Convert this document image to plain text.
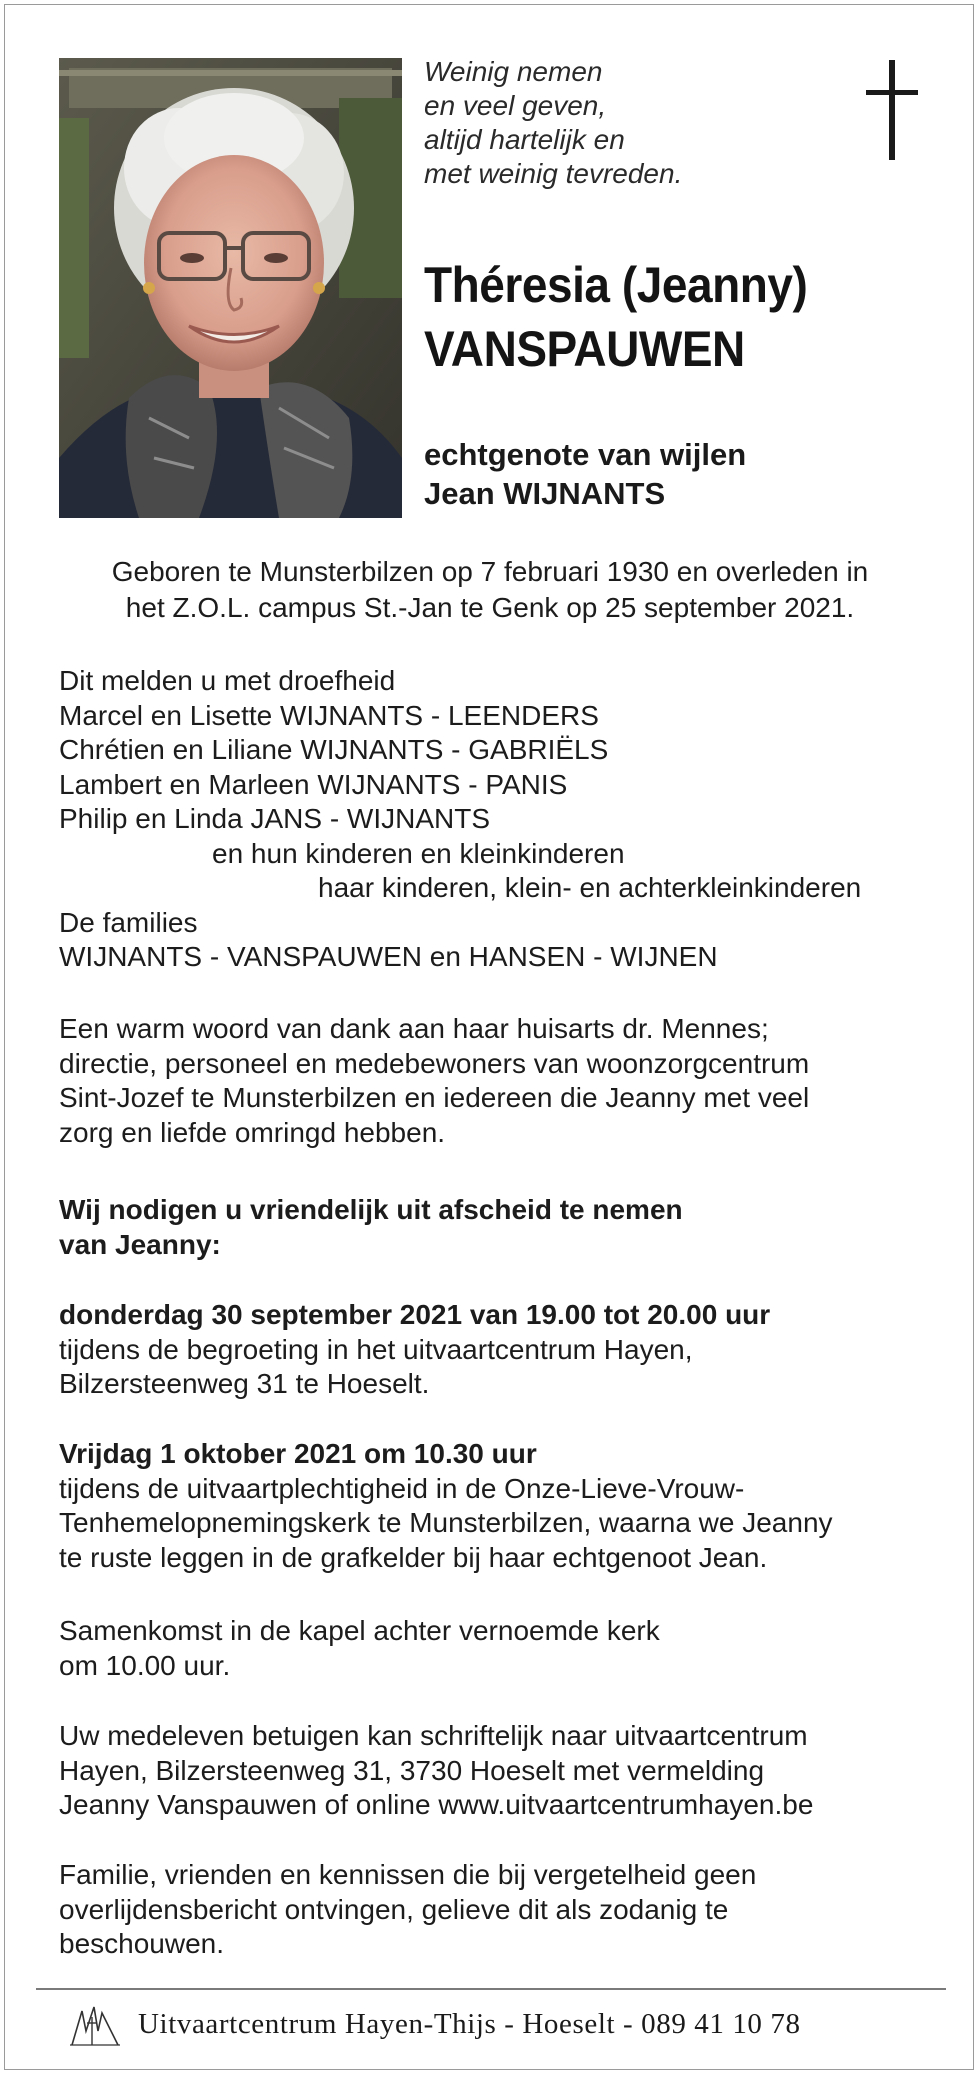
Weinig nemen
en veel geven,
altijd hartelijk en
met weinig tevreden.
Théresia (Jeanny)
VANSPAUWEN
echtgenote van wijlen
Jean WIJNANTS
Geboren te Munsterbilzen op 7 februari 1930 en overleden in
het Z.O.L. campus St.-Jan te Genk op 25 september 2021.
Dit melden u met droefheid
Marcel en Lisette WIJNANTS - LEENDERS
Chrétien en Liliane WIJNANTS - GABRIËLS
Lambert en Marleen WIJNANTS - PANIS
Philip en Linda JANS - WIJNANTS
en hun kinderen en kleinkinderen
haar kinderen, klein- en achterkleinkinderen
De families
WIJNANTS - VANSPAUWEN en HANSEN - WIJNEN
Een warm woord van dank aan haar huisarts dr. Mennes;
directie, personeel en medebewoners van woonzorgcentrum
Sint-Jozef te Munsterbilzen en iedereen die Jeanny met veel
zorg en liefde omringd hebben.
Wij nodigen u vriendelijk uit afscheid te nemen
van Jeanny:
donderdag 30 september 2021 van 19.00 tot 20.00 uur
tijdens de begroeting in het uitvaartcentrum Hayen,
Bilzersteenweg 31 te Hoeselt.
Vrijdag 1 oktober 2021 om 10.30 uur
tijdens de uitvaartplechtigheid in de Onze-Lieve-Vrouw-
Tenhemelopnemingskerk te Munsterbilzen, waarna we Jeanny
te ruste leggen in de grafkelder bij haar echtgenoot Jean.
Samenkomst in de kapel achter vernoemde kerk
om 10.00 uur.
Uw medeleven betuigen kan schriftelijk naar uitvaartcentrum
Hayen, Bilzersteenweg 31, 3730 Hoeselt met vermelding
Jeanny Vanspauwen of online www.uitvaartcentrumhayen.be
Familie, vrienden en kennissen die bij vergetelheid geen
overlijdensbericht ontvingen, gelieve dit als zodanig te
beschouwen.
Uitvaartcentrum Hayen-Thijs - Hoeselt - 089 41 10 78
